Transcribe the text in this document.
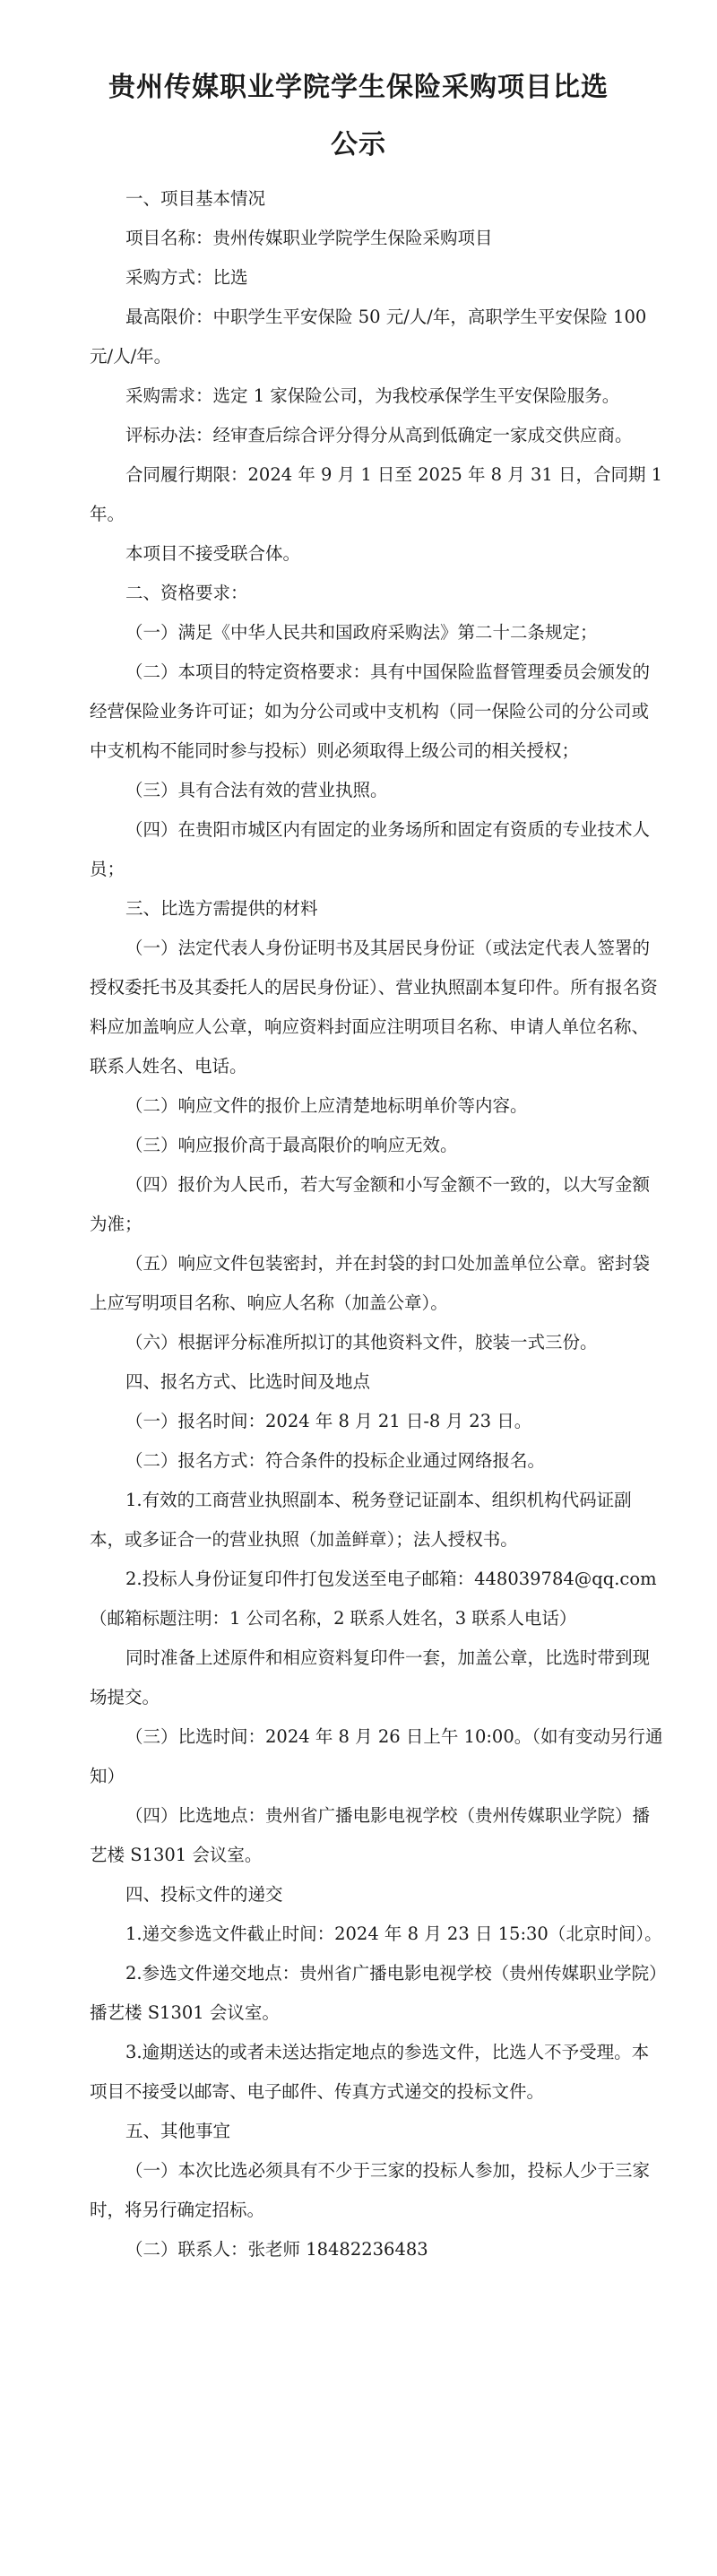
贵州传媒职业学院学生保险采购项目比选
公示

一、项目基本情况

项目名称：贵州传媒职业学院学生保险采购项目

采购方式：比选

最高限价：中职学生平安保险 50 元/人/年，高职学生平安保险 100 元/人/年。

采购需求：选定 1 家保险公司，为我校承保学生平安保险服务。

评标办法：经审查后综合评分得分从高到低确定一家成交供应商。

合同履行期限：2024 年 9 月 1 日至 2025 年 8 月 31 日，合同期 1 年。

本项目不接受联合体。

二、资格要求：

（一）满足《中华人民共和国政府采购法》第二十二条规定；

（二）本项目的特定资格要求：具有中国保险监督管理委员会颁发的经营保险业务许可证；如为分公司或中支机构（同一保险公司的分公司或中支机构不能同时参与投标）则必须取得上级公司的相关授权；

（三）具有合法有效的营业执照。

（四）在贵阳市城区内有固定的业务场所和固定有资质的专业技术人员；

三、比选方需提供的材料

（一）法定代表人身份证明书及其居民身份证（或法定代表人签署的授权委托书及其委托人的居民身份证）、营业执照副本复印件。所有报名资料应加盖响应人公章，响应资料封面应注明项目名称、申请人单位名称、联系人姓名、电话。

（二）响应文件的报价上应清楚地标明单价等内容。

（三）响应报价高于最高限价的响应无效。

（四）报价为人民币，若大写金额和小写金额不一致的，以大写金额为准；

（五）响应文件包装密封，并在封袋的封口处加盖单位公章。密封袋上应写明项目名称、响应人名称（加盖公章）。

（六）根据评分标准所拟订的其他资料文件，胶装一式三份。

四、报名方式、比选时间及地点

（一）报名时间：2024 年 8 月 21 日-8 月 23 日。

（二）报名方式：符合条件的投标企业通过网络报名。

1.有效的工商营业执照副本、税务登记证副本、组织机构代码证副本，或多证合一的营业执照（加盖鲜章）；法人授权书。

2.投标人身份证复印件打包发送至电子邮箱：448039784@qq.com（邮箱标题注明：1 公司名称，2 联系人姓名，3 联系人电话）

同时准备上述原件和相应资料复印件一套，加盖公章，比选时带到现场提交。

（三）比选时间：2024 年 8 月 26 日上午 10:00。（如有变动另行通知）

（四）比选地点：贵州省广播电影电视学校（贵州传媒职业学院）播艺楼 S1301 会议室。

四、投标文件的递交

1.递交参选文件截止时间：2024 年 8 月 23 日 15:30（北京时间）。

2.参选文件递交地点：贵州省广播电影电视学校（贵州传媒职业学院）播艺楼 S1301 会议室。

3.逾期送达的或者未送达指定地点的参选文件，比选人不予受理。本项目不接受以邮寄、电子邮件、传真方式递交的投标文件。

五、其他事宜

（一）本次比选必须具有不少于三家的投标人参加，投标人少于三家时，将另行确定招标。

（二）联系人：张老师 18482236483
